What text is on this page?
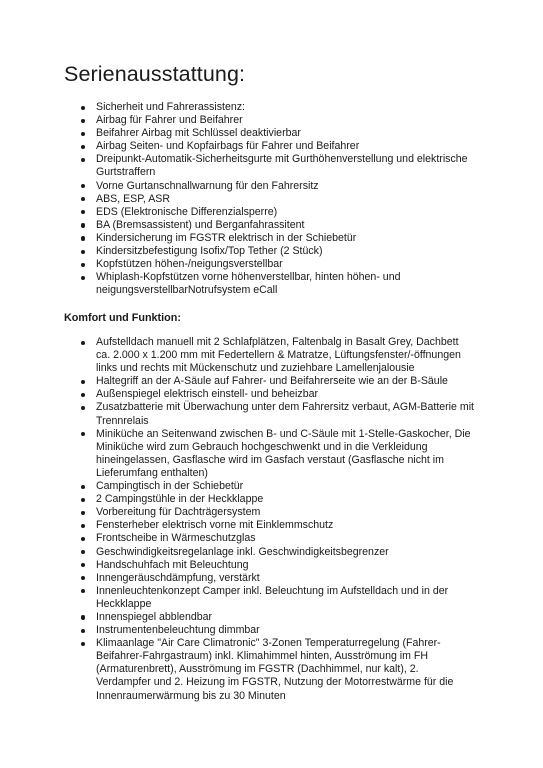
Serienausstattung:
Sicherheit und Fahrerassistenz:
Airbag für Fahrer und Beifahrer
Beifahrer Airbag mit Schlüssel deaktivierbar
Airbag Seiten- und Kopfairbags für Fahrer und Beifahrer
Dreipunkt-Automatik-Sicherheitsgurte mit Gurthöhenverstellung und elektrische Gurtstraffern
Vorne Gurtanschnallwarnung für den Fahrersitz
ABS, ESP, ASR
EDS (Elektronische Differenzialsperre)
BA (Bremsassistent) und Berganfahrassitent
Kindersicherung im FGSTR elektrisch in der Schiebetür
Kindersitzbefestigung Isofix/Top Tether (2 Stück)
Kopfstützen höhen-/neigungsverstellbar
Whiplash-Kopfstützen vorne höhenverstellbar, hinten höhen- und neigungsverstellbarNotrufsystem eCall
Komfort und Funktion:
Aufstelldach manuell mit 2 Schlafplätzen, Faltenbalg in Basalt Grey, Dachbett ca. 2.000 x 1.200 mm mit Federtellern & Matratze, Lüftungsfenster/-öffnungen links und rechts mit Mückenschutz und zuziehbare Lamellenjalousie
Haltegriff an der A-Säule auf Fahrer- und Beifahrerseite wie an der B-Säule
Außenspiegel elektrisch einstell- und beheizbar
Zusatzbatterie mit Überwachung unter dem Fahrersitz verbaut, AGM-Batterie mit Trennrelais
Miniküche an Seitenwand zwischen B- und C-Säule mit 1-Stelle-Gaskocher, Die Miniküche wird zum Gebrauch hochgeschwenkt und in die Verkleidung hineingelassen, Gasflasche wird im Gasfach verstaut (Gasflasche nicht im Lieferumfang enthalten)
Campingtisch in der Schiebetür
2 Campingstühle in der Heckklappe
Vorbereitung für Dachträgersystem
Fensterheber elektrisch vorne mit Einklemmschutz
Frontscheibe in Wärmeschutzglas
Geschwindigkeitsregelanlage inkl. Geschwindigkeitsbegrenzer
Handschuhfach mit Beleuchtung
Innengeräuschdämpfung, verstärkt
Innenleuchtenkonzept Camper inkl. Beleuchtung im Aufstelldach und in der Heckklappe
Innenspiegel abblendbar
Instrumentenbeleuchtung dimmbar
Klimaanlage "Air Care Climatronic" 3-Zonen Temperaturregelung (Fahrer-Beifahrer-Fahrgastraum) inkl. Klimahimmel hinten, Ausströmung im FH (Armaturenbrett), Ausströmung im FGSTR (Dachhimmel, nur kalt), 2. Verdampfer und 2. Heizung im FGSTR, Nutzung der Motorrestwärme für die Innenraumerwärmung bis zu 30 Minuten
